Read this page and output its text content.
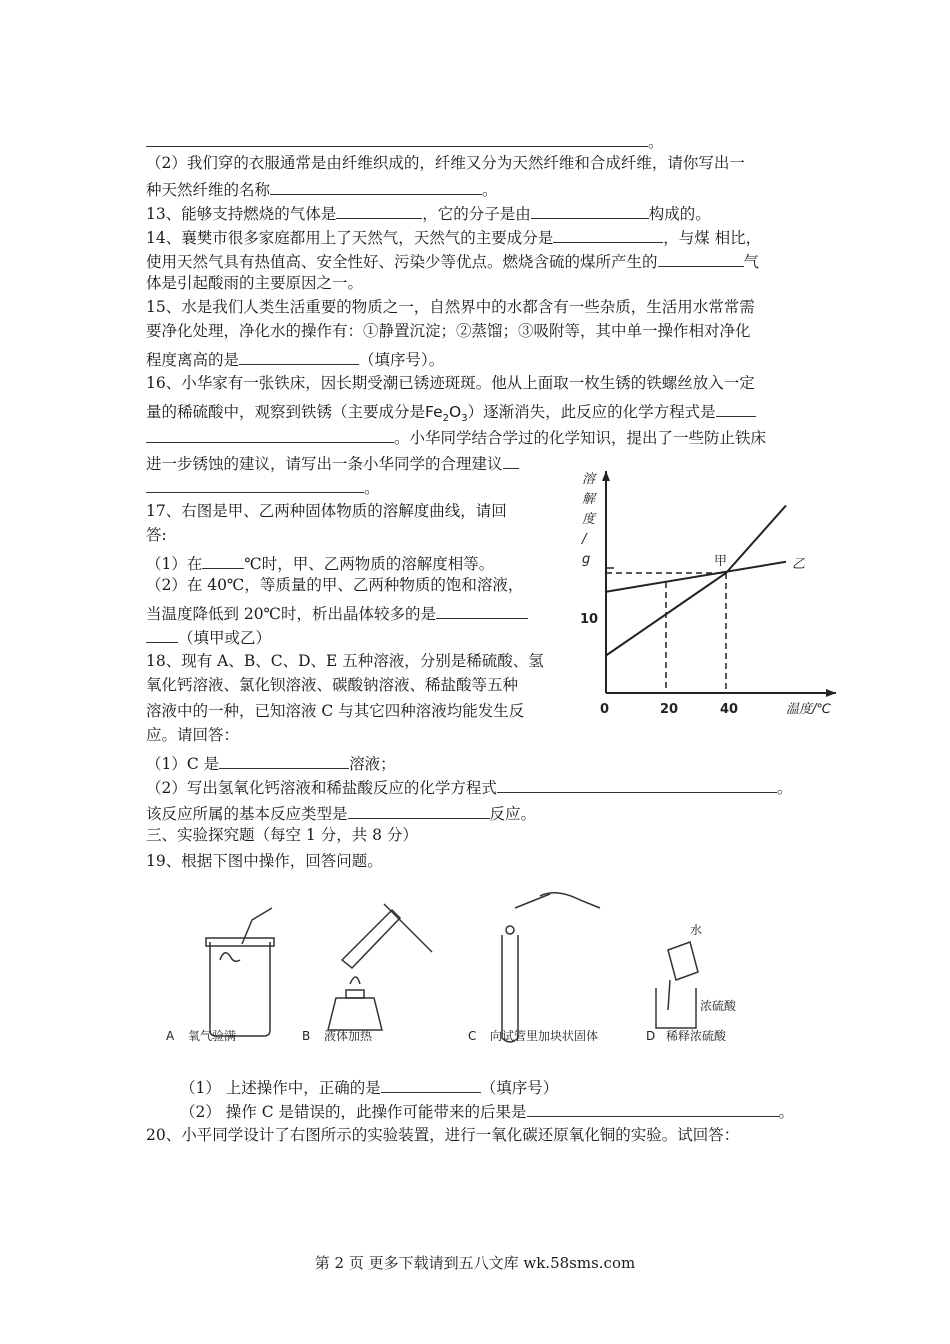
。
（2）我们穿的衣服通常是由纤维织成的，纤维又分为天然纤维和合成纤维，请你写出一
种天然纤维的名称	。
13、能够支持燃烧的气体是	，它的分子是由	构成的。
14、襄樊市很多家庭都用上了天然气，天然气的主要成分是	，与煤 相比，
使用天然气具有热值高、安全性好、污染少等优点。燃烧含硫的煤所产生的	气
体是引起酸雨的主要原因之一。
15、水是我们人类生活重要的物质之一，自然界中的水都含有一些杂质，生活用水常常需
要净化处理，净化水的操作有：①静置沉淀；②蒸馏；③吸附等，其中单一操作相对净化
程度离高的是	（填序号）。
16、小华家有一张铁床，因长期受潮已锈迹斑斑。他从上面取一枚生锈的铁螺丝放入一定
量的稀硫酸中，观察到铁锈（主要成分是$Fe_2O_3$）逐渐消失，此反应的化学方程式是
。小华同学结合学过的化学知识，提出了一些防止铁床
进一步锈蚀的建议，请写出一条小华同学的合理建议
。
17、右图是甲、乙两种固体物质的溶解度曲线，请回
答:
（1）在	℃时，甲、乙两物质的溶解度相等。
（2）在 40℃，等质量的甲、乙两种物质的饱和溶液，
当温度降低到 20℃时，析出晶体较多的是
（填甲或乙）
18、现有 A、B、C、D、E 五种溶液，分别是稀硫酸、氢
氧化钙溶液、氯化钡溶液、碳酸钠溶液、稀盐酸等五种
溶液中的一种，已知溶液 C 与其它四种溶液均能发生反
应。请回答：
（1）C 是	溶液；
（2）写出氢氧化钙溶液和稀盐酸反应的化学方程式	。
该反应所属的基本反应类型是	反应。
三、实验探究题（每空 1 分，共 8 分）
19、根据下图中操作，回答问题。
溶
解
度
/
g
温度/℃
0	20	40
10
甲	乙
水
浓硫酸
A 氧气验满	B 液体加热	C 向试管里加块状固体	D 稀释浓硫酸
（1） 上述操作中，正确的是	（填序号）
（2） 操作 C 是错误的，此操作可能带来的后果是	。
20、小平同学设计了右图所示的实验装置，进行一氧化碳还原氧化铜的实验。试回答：
第 2 页 更多下载请到五八文库 wk.58sms.com
